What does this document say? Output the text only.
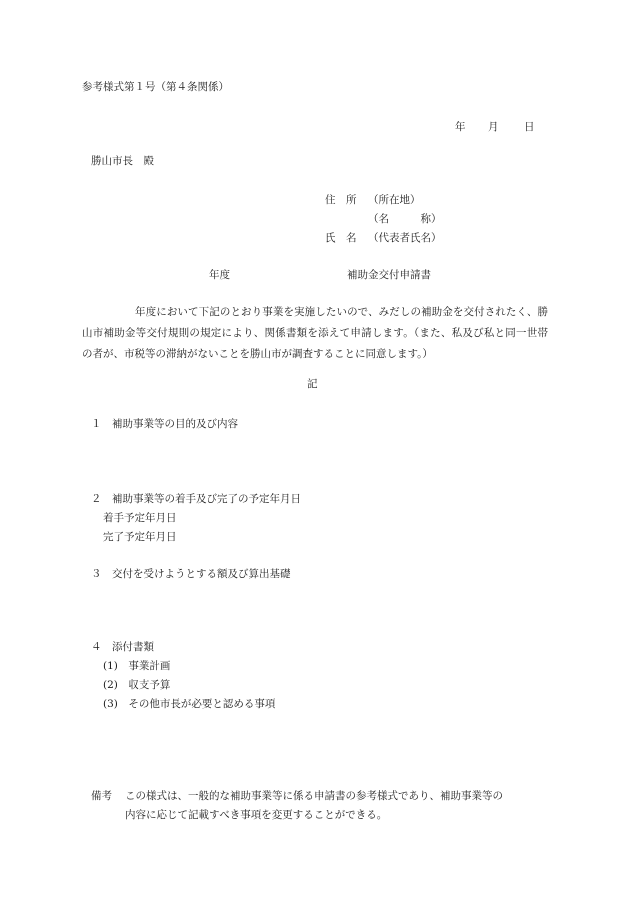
参考様式第１号（第４条関係）
年 月 日
勝山市長　殿
住　所 （所在地）
（名　　　称）
氏　名 （代表者氏名）
年度	補助金交付申請書
　　　　　年度において下記のとおり事業を実施したいので、みだしの補助金を交付されたく、勝山市補助金等交付規則の規定により、関係書類を添えて申請します。（また、私及び私と同一世帯の者が、市税等の滞納がないことを勝山市が調査することに同意します。）
記
１　補助事業等の目的及び内容
２　補助事業等の着手及び完了の予定年月日
着手予定年月日
完了予定年月日
３　交付を受けようとする額及び算出基礎
４　添付書類
(1)　事業計画
(2)　収支予算
(3)　その他市長が必要と認める事項
備考 この様式は、一般的な補助事業等に係る申請書の参考様式であり、補助事業等の
内容に応じて記載すべき事項を変更することができる。
